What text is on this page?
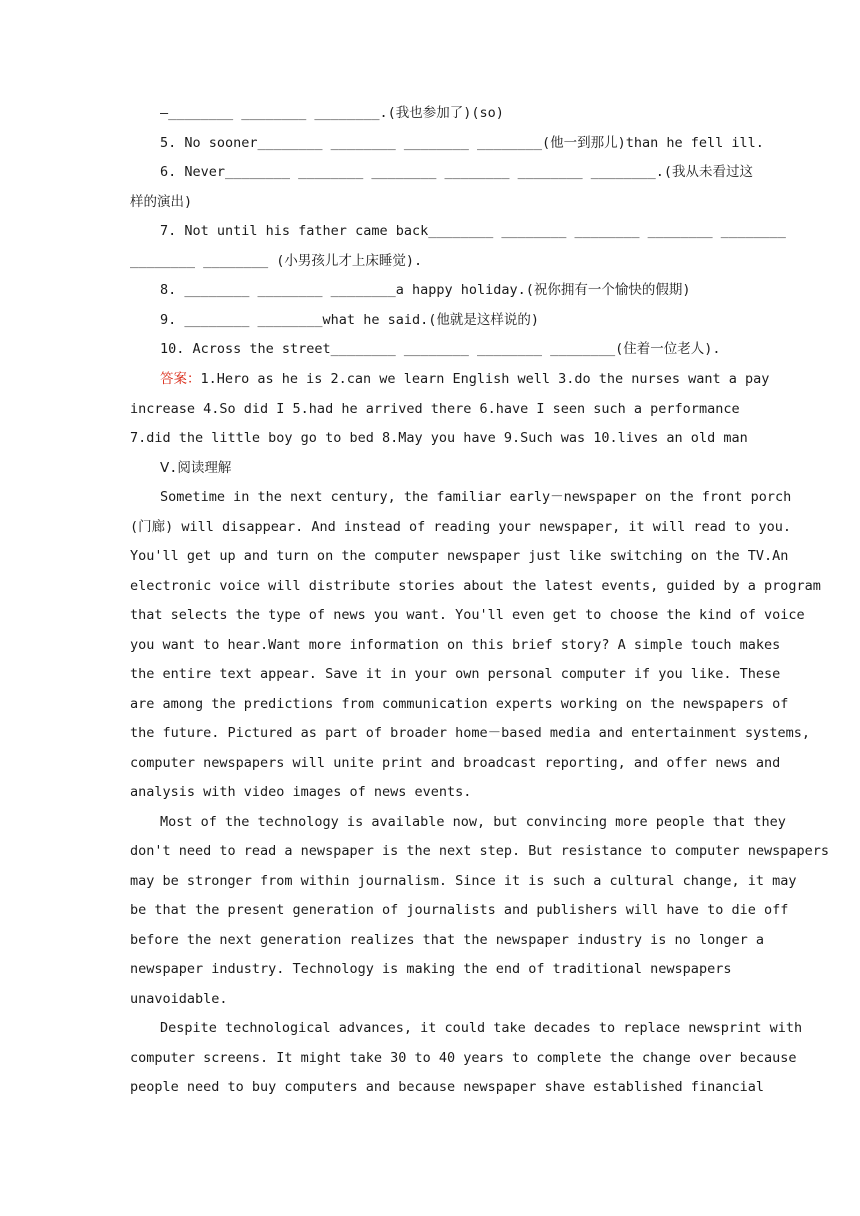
—________ ________ ________.(我也参加了)(so)
5. No sooner________ ________ ________ ________(他一到那儿)than he fell ill.
6. Never________ ________ ________ ________ ________ ________.(我从未看过这
样的演出)
7. Not until his father came back________ ________ ________ ________ ________
________ ________ (小男孩儿才上床睡觉).
8. ________ ________ ________a happy holiday.(祝你拥有一个愉快的假期)
9. ________ ________what he said.(他就是这样说的)
10. Across the street________ ________ ________ ________(住着一位老人).
答案：1.Hero as he is 2.can we learn English well 3.do the nurses want a pay
increase 4.So did I 5.had he arrived there 6.have I seen such a performance
7.did the little boy go to bed 8.May you have 9.Such was 10.lives an old man
Ⅴ.阅读理解
Sometime in the next century, the familiar early－newspaper on the front porch
(门廊) will disappear. And instead of reading your newspaper, it will read to you.
You'll get up and turn on the computer newspaper just like switching on the TV.An
electronic voice will distribute stories about the latest events, guided by a program
that selects the type of news you want. You'll even get to choose the kind of voice
you want to hear.Want more information on this brief story? A simple touch makes
the entire text appear. Save it in your own personal computer if you like. These
are among the predictions from communication experts working on the newspapers of
the future. Pictured as part of broader home－based media and entertainment systems,
computer newspapers will unite print and broadcast reporting, and offer news and
analysis with video images of news events.
Most of the technology is available now, but convincing more people that they
don't need to read a newspaper is the next step. But resistance to computer newspapers
may be stronger from within journalism. Since it is such a cultural change, it may
be that the present generation of journalists and publishers will have to die off
before the next generation realizes that the newspaper industry is no longer a
newspaper industry. Technology is making the end of traditional newspapers
unavoidable.
Despite technological advances, it could take decades to replace newsprint with
computer screens. It might take 30 to 40 years to complete the change over because
people need to buy computers and because newspaper shave established financial
